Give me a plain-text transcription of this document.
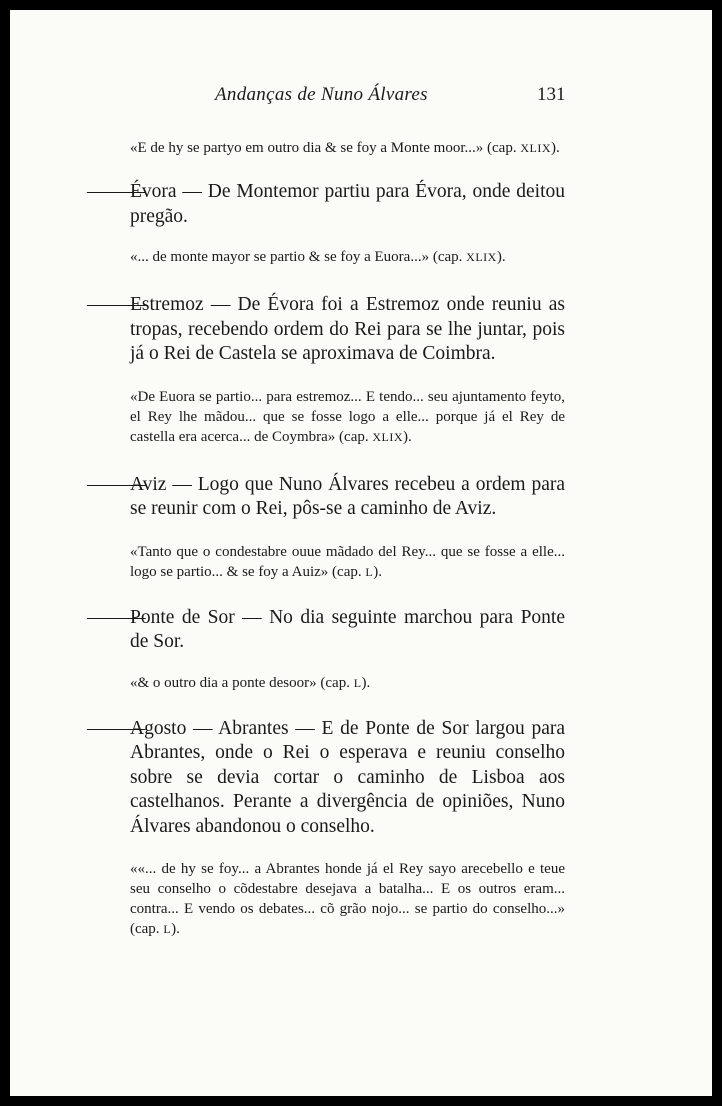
Andanças de Nuno Álvares	131

«E de hy se partyo em outro dia & se foy a Monte moor...» (cap. XLIX).

———
Évora — De Montemor partiu para Évora, onde deitou pregão.

«... de monte mayor se partio & se foy a Euora...» (cap. XLIX).

———
Estremoz — De Évora foi a Estremoz onde reuniu as tropas, recebendo ordem do Rei para se lhe juntar, pois já o Rei de Castela se aproximava de Coimbra.

«De Euora se partio... para estremoz... E tendo... seu ajuntamento feyto, el Rey lhe mãdou... que se fosse logo a elle... porque já el Rey de castella era acerca... de Coymbra» (cap. XLIX).

———
Aviz — Logo que Nuno Álvares recebeu a ordem para se reunir com o Rei, pôs-se a caminho de Aviz.

«Tanto que o condestabre ouue mãdado del Rey... que se fosse a elle... logo se partio... & se foy a Auiz» (cap. L).

———
Ponte de Sor — No dia seguinte marchou para Ponte de Sor.

«& o outro dia a ponte desoor» (cap. L).

———
Agosto — Abrantes — E de Ponte de Sor largou para Abrantes, onde o Rei o esperava e reuniu conselho sobre se devia cortar o caminho de Lisboa aos castelhanos. Perante a divergência de opiniões, Nuno Álvares abandonou o conselho.

««... de hy se foy... a Abrantes honde já el Rey sayo arecebello e teue seu conselho o cõdestabre desejava a batalha... E os outros eram... contra... E vendo os debates... cõ grão nojo... se partio do conselho...» (cap. L).
